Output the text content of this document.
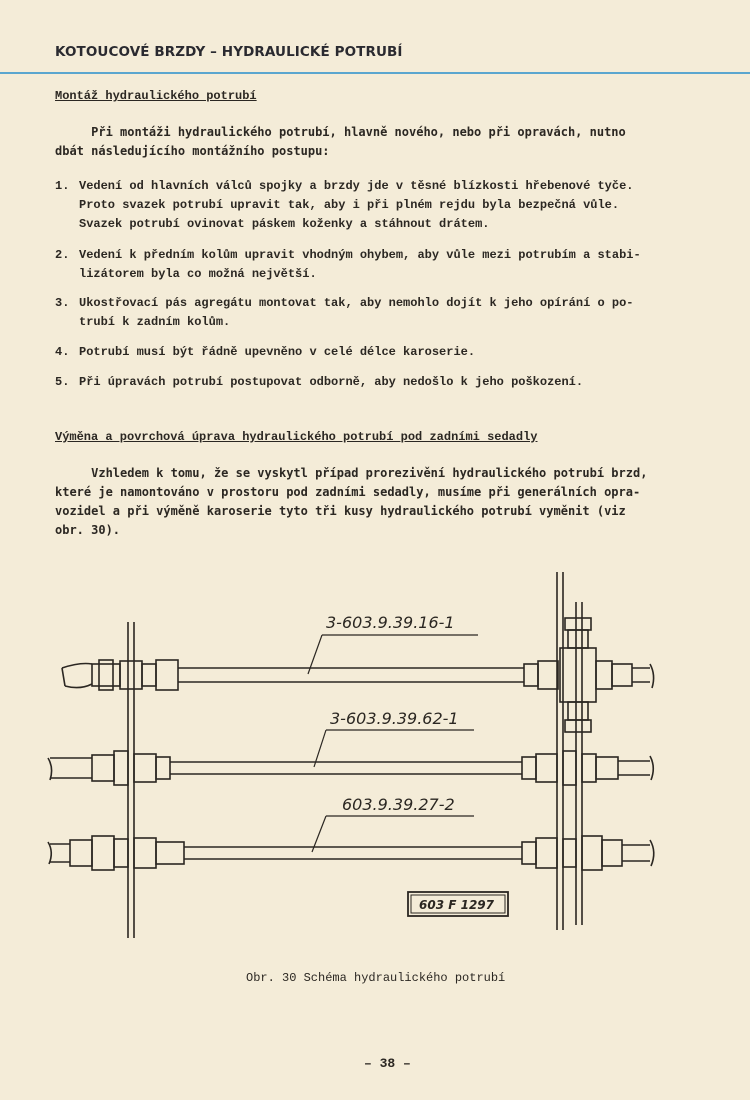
KOTOUCOVÉ BRZDY – HYDRAULICKÉ POTRUBÍ
Montáž hydraulického potrubí
Při montáži hydraulického potrubí, hlavně nového, nebo při opravách, nutno
dbát následujícího montážního postupu:
1. Vedení od hlavních válců spojky a brzdy jde v těsné blízkosti hřebenové tyče.
Proto svazek potrubí upravit tak, aby i při plném rejdu byla bezpečná vůle.
Svazek potrubí ovinovat páskem koženky a stáhnout drátem.
2. Vedení k předním kolům upravit vhodným ohybem, aby vůle mezi potrubím a stabi-
lizátorem byla co možná největší.
3. Ukostřovací pás agregátu montovat tak, aby nemohlo dojít k jeho opírání o po-
trubí k zadním kolům.
4. Potrubí musí být řádně upevněno v celé délce karoserie.
5. Při úpravách potrubí postupovat odborně, aby nedošlo k jeho poškození.
Výměna a povrchová úprava hydraulického potrubí pod zadními sedadly
Vzhledem k tomu, že se vyskytl případ prorezivění hydraulického potrubí brzd,
které je namontováno v prostoru pod zadními sedadly, musíme při generálních opra-
vozidel a při výměně karoserie tyto tři kusy hydraulického potrubí vyměnit (viz
obr. 30).
3-603.9.39.16-1
3-603.9.39.62-1
603.9.39.27-2
603 F 1297
Obr. 30 Schéma hydraulického potrubí
– 38 –
